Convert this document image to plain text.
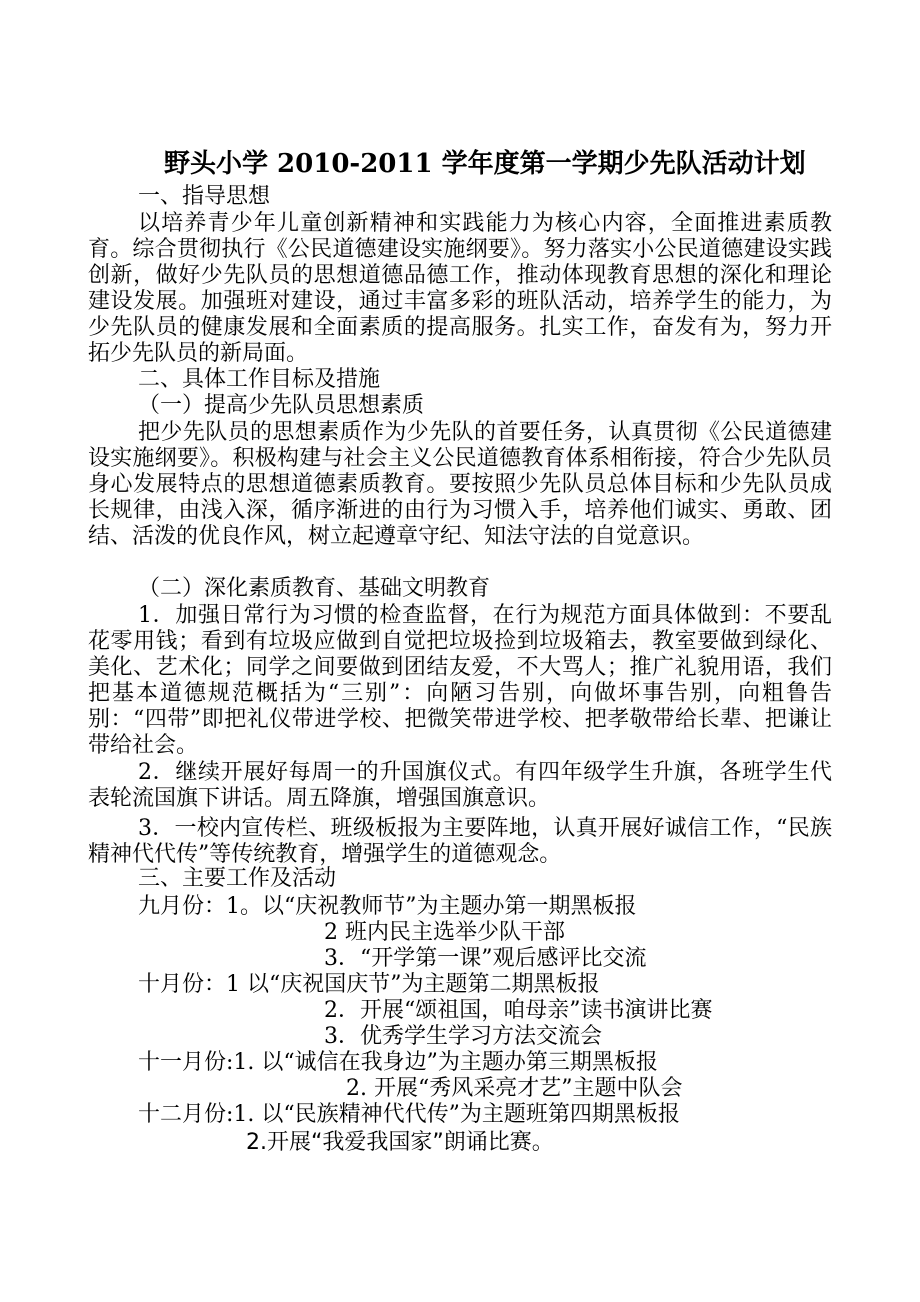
野头小学 2010-2011 学年度第一学期少先队活动计划
一、指导思想
以培养青少年儿童创新精神和实践能力为核心内容，全面推进素质教育。综合贯彻执行《公民道德建设实施纲要》。努力落实小公民道德建设实践创新，做好少先队员的思想道德品德工作，推动体现教育思想的深化和理论建设发展。加强班对建设，通过丰富多彩的班队活动，培养学生的能力，为少先队员的健康发展和全面素质的提高服务。扎实工作，奋发有为，努力开拓少先队员的新局面。
二、具体工作目标及措施
（一）提高少先队员思想素质
把少先队员的思想素质作为少先队的首要任务，认真贯彻《公民道德建设实施纲要》。积极构建与社会主义公民道德教育体系相衔接，符合少先队员身心发展特点的思想道德素质教育。要按照少先队员总体目标和少先队员成长规律，由浅入深，循序渐进的由行为习惯入手，培养他们诚实、勇敢、团结、活泼的优良作风，树立起遵章守纪、知法守法的自觉意识。
（二）深化素质教育、基础文明教育
1．加强日常行为习惯的检查监督，在行为规范方面具体做到：不要乱花零用钱；看到有垃圾应做到自觉把垃圾捡到垃圾箱去，教室要做到绿化、美化、艺术化；同学之间要做到团结友爱，不大骂人；推广礼貌用语，我们把基本道德规范概括为“三别”：向陋习告别，向做坏事告别，向粗鲁告别：“四带”即把礼仪带进学校、把微笑带进学校、把孝敬带给长辈、把谦让带给社会。
2．继续开展好每周一的升国旗仪式。有四年级学生升旗，各班学生代表轮流国旗下讲话。周五降旗，增强国旗意识。
3．一校内宣传栏、班级板报为主要阵地，认真开展好诚信工作，“民族精神代代传”等传统教育，增强学生的道德观念。
三、主要工作及活动
九月份：1。以“庆祝教师节”为主题办第一期黑板报
2 班内民主选举少队干部
3．“开学第一课”观后感评比交流
十月份：1 以“庆祝国庆节”为主题第二期黑板报
2．开展“颂祖国，咱母亲”读书演讲比赛
3．优秀学生学习方法交流会
十一月份:1. 以“诚信在我身边”为主题办第三期黑板报
2. 开展“秀风采亮才艺”主题中队会
十二月份:1. 以“民族精神代代传”为主题班第四期黑板报
2.开展“我爱我国家”朗诵比赛。
